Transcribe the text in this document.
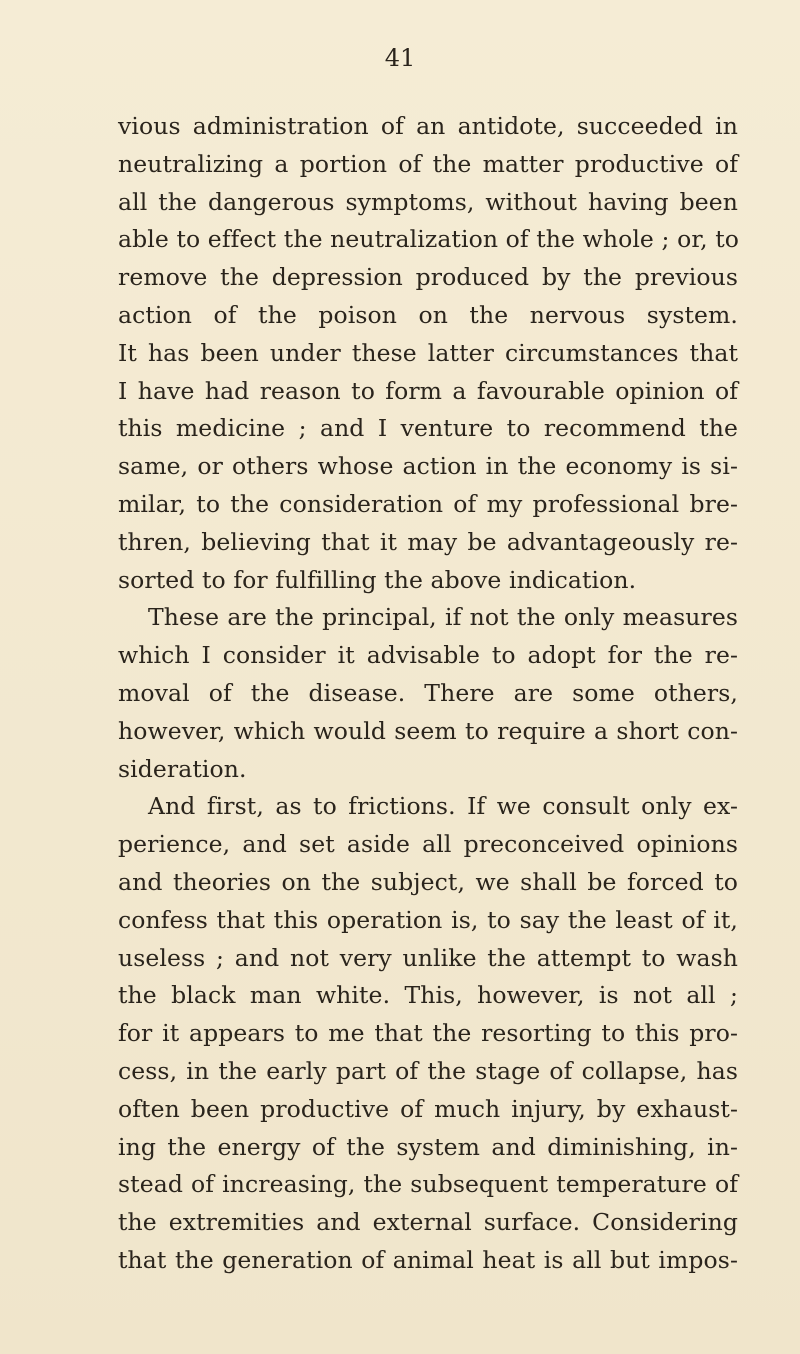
41

vious administration of an antidote, succeeded in
neutralizing a portion of the matter productive of
all the dangerous symptoms, without having been
able to effect the neutralization of the whole ; or, to
remove the depression produced by the previous
action of the poison on the nervous system.
It has been under these latter circumstances that
I have had reason to form a favourable opinion of
this medicine ; and I venture to recommend the
same, or others whose action in the economy is si-
milar, to the consideration of my professional bre-
thren, believing that it may be advantageously re-
sorted to for fulfilling the above indication.
These are the principal, if not the only measures
which I consider it advisable to adopt for the re-
moval of the disease. There are some others,
however, which would seem to require a short con-
sideration.
And first, as to frictions. If we consult only ex-
perience, and set aside all preconceived opinions
and theories on the subject, we shall be forced to
confess that this operation is, to say the least of it,
useless ; and not very unlike the attempt to wash
the black man white. This, however, is not all ;
for it appears to me that the resorting to this pro-
cess, in the early part of the stage of collapse, has
often been productive of much injury, by exhaust-
ing the energy of the system and diminishing, in-
stead of increasing, the subsequent temperature of
the extremities and external surface. Considering
that the generation of animal heat is all but impos-
